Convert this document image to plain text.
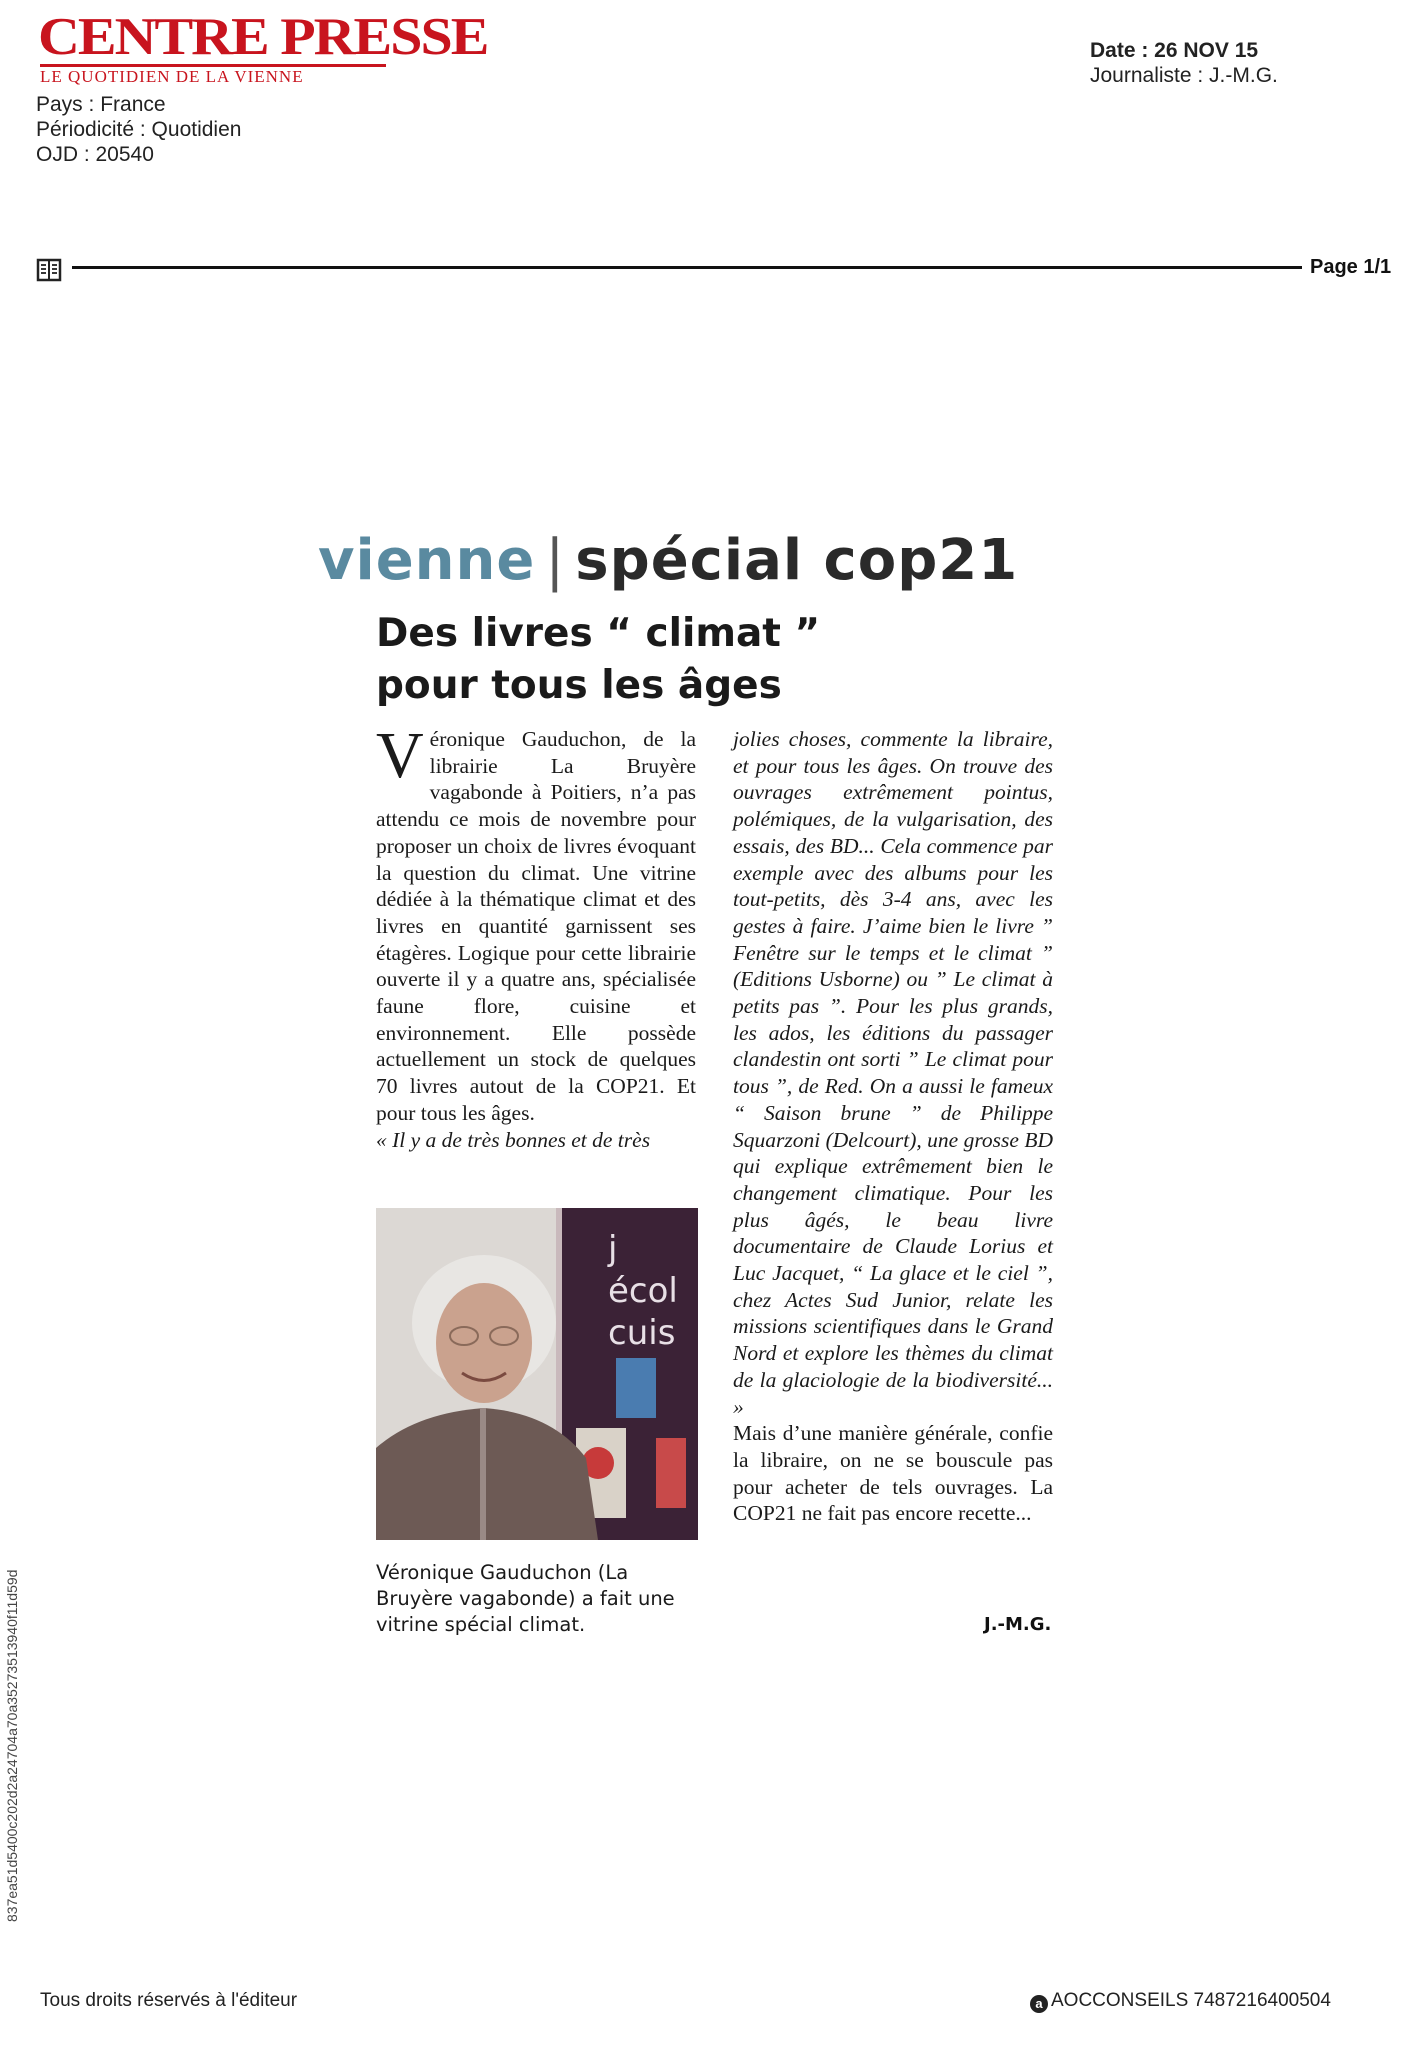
CENTRE PRESSE
LE QUOTIDIEN DE LA VIENNE
Pays : France
Périodicité : Quotidien
OJD : 20540
Date : 26 NOV 15
Journaliste : J.-M.G.
Page 1/1
vienne | spécial cop21
Des livres “ climat ” pour tous les âges
Véronique Gauduchon, de la librairie La Bruyère vagabonde à Poitiers, n’a pas attendu ce mois de novembre pour proposer un choix de livres évoquant la question du climat. Une vitrine dédiée à la thématique climat et des livres en quantité garnissent ses étagères. Logique pour cette librairie ouverte il y a quatre ans, spécialisée faune flore, cuisine et environnement. Elle possède actuellement un stock de quelques 70 livres autout de la COP21. Et pour tous les âges.
« Il y a de très bonnes et de très
j
écol
cuis
Véronique Gauduchon (La Bruyère vagabonde) a fait une vitrine spécial climat.
jolies choses, commente la libraire, et pour tous les âges. On trouve des ouvrages extrêmement pointus, polémiques, de la vulgarisation, des essais, des BD... Cela commence par exemple avec des albums pour les tout-petits, dès 3-4 ans, avec les gestes à faire. J’aime bien le livre ” Fenêtre sur le temps et le climat ” (Editions Usborne) ou ” Le climat à petits pas ”. Pour les plus grands, les ados, les éditions du passager clandestin ont sorti ” Le climat pour tous ”, de Red. On a aussi le fameux “ Saison brune ” de Philippe Squarzoni (Delcourt), une grosse BD qui explique extrêmement bien le changement climatique. Pour les plus âgés, le beau livre documentaire de Claude Lorius et Luc Jacquet, “ La glace et le ciel ”, chez Actes Sud Junior, relate les missions scientifiques dans le Grand Nord et explore les thèmes du climat de la glaciologie de la biodiversité... »
Mais d’une manière générale, confie la libraire, on ne se bouscule pas pour acheter de tels ouvrages. La COP21 ne fait pas encore recette...
J.-M.G.
837ea51d5400c202d2a24704a70a35273513940f11d59d
Tous droits réservés à l'éditeur	a AOCCONSEILS 7487216400504
